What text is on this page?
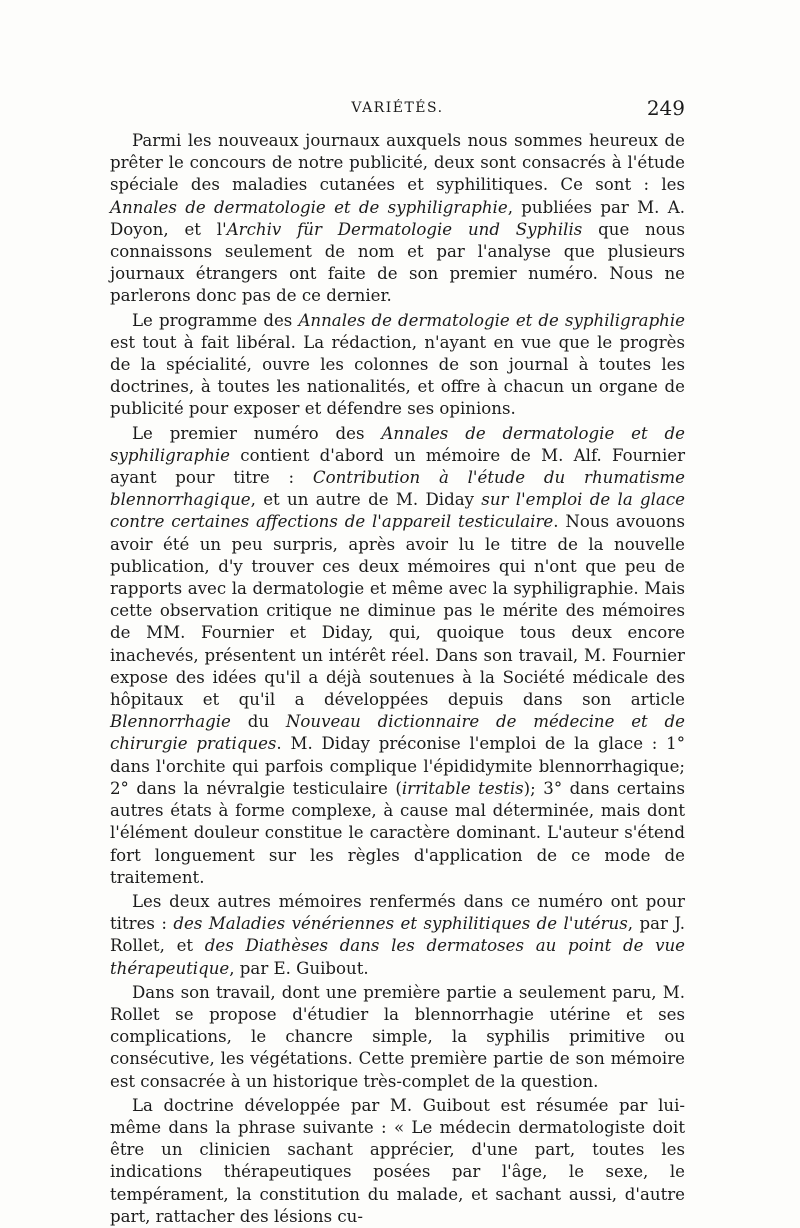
VARIÉTÉS.	249

Parmi les nouveaux journaux auxquels nous sommes heureux de prêter le concours de notre publicité, deux sont consacrés à l'étude spéciale des maladies cutanées et syphilitiques. Ce sont : les Annales de dermatologie et de syphiligraphie, publiées par M. A. Doyon, et l'Archiv für Dermatologie und Syphilis que nous connaissons seulement de nom et par l'analyse que plusieurs journaux étrangers ont faite de son premier numéro. Nous ne parlerons donc pas de ce dernier.

Le programme des Annales de dermatologie et de syphiligraphie est tout à fait libéral. La rédaction, n'ayant en vue que le progrès de la spécialité, ouvre les colonnes de son journal à toutes les doctrines, à toutes les nationalités, et offre à chacun un organe de publicité pour exposer et défendre ses opinions.

Le premier numéro des Annales de dermatologie et de syphiligraphie contient d'abord un mémoire de M. Alf. Fournier ayant pour titre : Contribution à l'étude du rhumatisme blennorrhagique, et un autre de M. Diday sur l'emploi de la glace contre certaines affections de l'appareil testiculaire. Nous avouons avoir été un peu surpris, après avoir lu le titre de la nouvelle publication, d'y trouver ces deux mémoires qui n'ont que peu de rapports avec la dermatologie et même avec la syphiligraphie. Mais cette observation critique ne diminue pas le mérite des mémoires de MM. Fournier et Diday, qui, quoique tous deux encore inachevés, présentent un intérêt réel. Dans son travail, M. Fournier expose des idées qu'il a déjà soutenues à la Société médicale des hôpitaux et qu'il a développées depuis dans son article Blennorrhagie du Nouveau dictionnaire de médecine et de chirurgie pratiques. M. Diday préconise l'emploi de la glace : 1° dans l'orchite qui parfois complique l'épididymite blennorrhagique; 2° dans la névralgie testiculaire (irritable testis); 3° dans certains autres états à forme complexe, à cause mal déterminée, mais dont l'élément douleur constitue le caractère dominant. L'auteur s'étend fort longuement sur les règles d'application de ce mode de traitement.

Les deux autres mémoires renfermés dans ce numéro ont pour titres : des Maladies vénériennes et syphilitiques de l'utérus, par J. Rollet, et des Diathèses dans les dermatoses au point de vue thérapeutique, par E. Guibout.

Dans son travail, dont une première partie a seulement paru, M. Rollet se propose d'étudier la blennorrhagie utérine et ses complications, le chancre simple, la syphilis primitive ou consécutive, les végétations. Cette première partie de son mémoire est consacrée à un historique très-complet de la question.

La doctrine développée par M. Guibout est résumée par lui-même dans la phrase suivante : « Le médecin dermatologiste doit être un clinicien sachant apprécier, d'une part, toutes les indications thérapeutiques posées par l'âge, le sexe, le tempérament, la constitution du malade, et sachant aussi, d'autre part, rattacher des lésions cu-
